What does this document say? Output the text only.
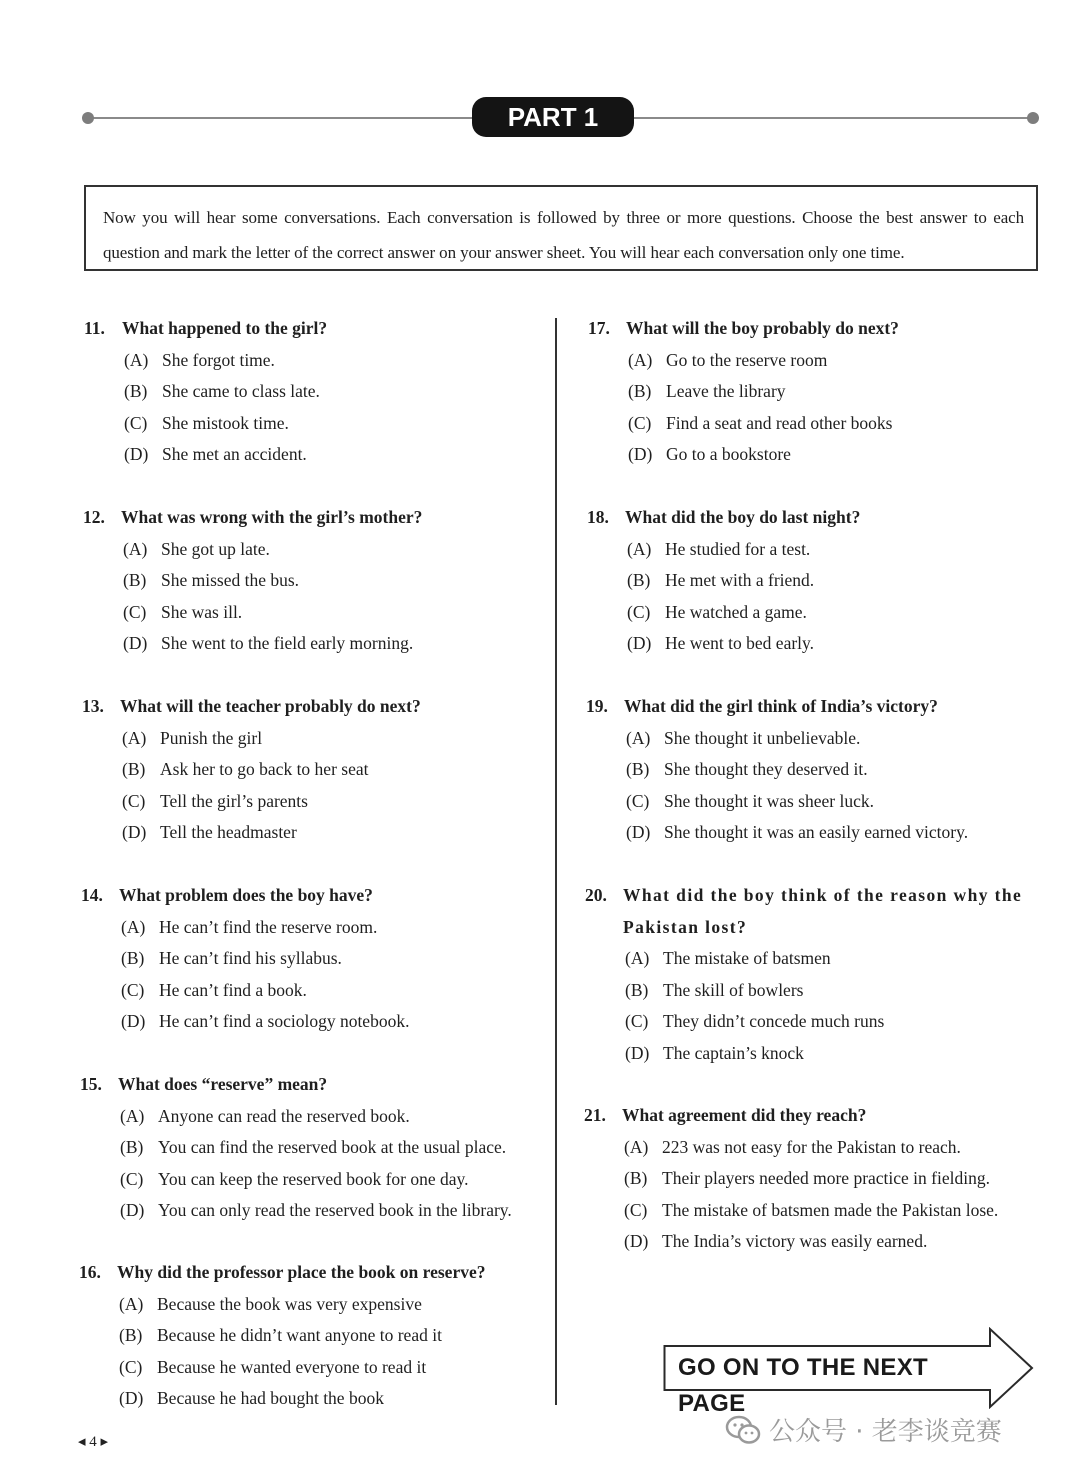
PART 1
Now you will hear some conversations. Each conversation is followed by three or more questions. Choose the best answer to each question and mark the letter of the correct answer on your answer sheet. You will hear each conversation only one time.
11. What happened to the girl?
(A) She forgot time.
(B) She came to class late.
(C) She mistook time.
(D) She met an accident.
12. What was wrong with the girl’s mother?
(A) She got up late.
(B) She missed the bus.
(C) She was ill.
(D) She went to the field early morning.
13. What will the teacher probably do next?
(A) Punish the girl
(B) Ask her to go back to her seat
(C) Tell the girl’s parents
(D) Tell the headmaster
14. What problem does the boy have?
(A) He can’t find the reserve room.
(B) He can’t find his syllabus.
(C) He can’t find a book.
(D) He can’t find a sociology notebook.
15. What does “reserve” mean?
(A) Anyone can read the reserved book.
(B) You can find the reserved book at the usual place.
(C) You can keep the reserved book for one day.
(D) You can only read the reserved book in the library.
16. Why did the professor place the book on reserve?
(A) Because the book was very expensive
(B) Because he didn’t want anyone to read it
(C) Because he wanted everyone to read it
(D) Because he had bought the book
17. What will the boy probably do next?
(A) Go to the reserve room
(B) Leave the library
(C) Find a seat and read other books
(D) Go to a bookstore
18. What did the boy do last night?
(A) He studied for a test.
(B) He met with a friend.
(C) He watched a game.
(D) He went to bed early.
19. What did the girl think of India’s victory?
(A) She thought it unbelievable.
(B) She thought they deserved it.
(C) She thought it was sheer luck.
(D) She thought it was an easily earned victory.
20. What did the boy think of the reason why the Pakistan lost?
(A) The mistake of batsmen
(B) The skill of bowlers
(C) They didn’t concede much runs
(D) The captain’s knock
21. What agreement did they reach?
(A) 223 was not easy for the Pakistan to reach.
(B) Their players needed more practice in fielding.
(C) The mistake of batsmen made the Pakistan lose.
(D) The India’s victory was easily earned.
GO ON TO THE NEXT PAGE
◂ 4 ▸	公众号 · 老李谈竞赛
